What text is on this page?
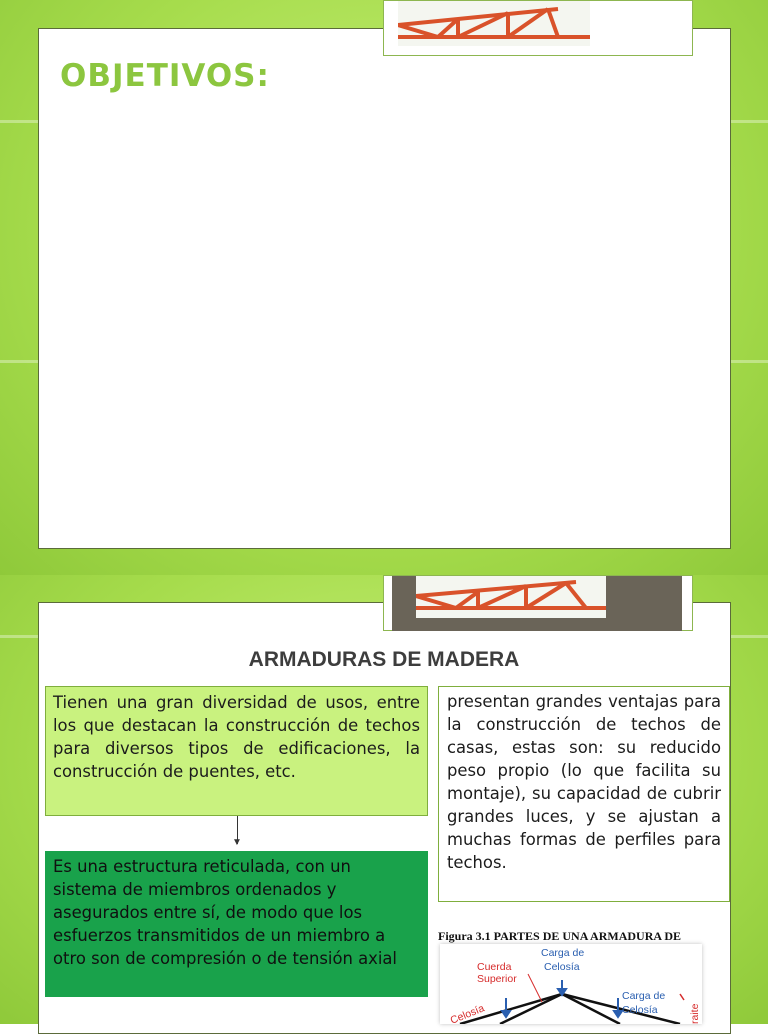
OBJETIVOS:
ARMADURAS DE MADERA
Tienen una gran diversidad de usos, entre los que destacan la construcción de techos para diversos tipos de edificaciones, la construcción de puentes, etc.
▼
Es una estructura reticulada, con un sistema de miembros ordenados y asegurados entre sí, de modo que los esfuerzos transmitidos de un miembro a otro son de compresión o de tensión axial
presentan grandes ventajas para la construcción de techos de casas, estas son: su reducido peso propio (lo que facilita su montaje), su capacidad de cubrir grandes luces, y se ajustan a muchas formas de perfiles para techos.

Figura 3.1 PARTES DE UNA ARMADURA DE

Cuerda
Superior
Carga de
Celosía
Carga de
Celosía
Celosía	raite
